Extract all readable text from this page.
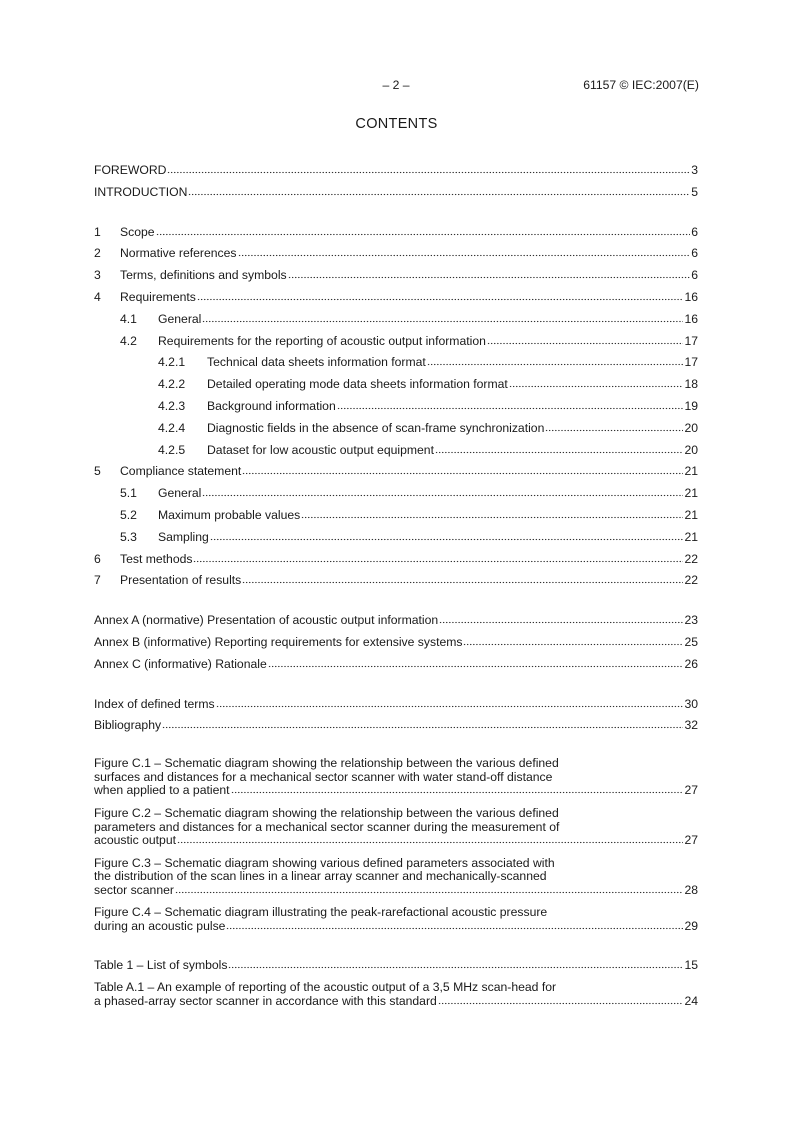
– 2 –	61157 © IEC:2007(E)
CONTENTS
FOREWORD	3
INTRODUCTION	5
1	Scope	6
2	Normative references	6
3	Terms, definitions and symbols	6
4	Requirements	16
4.1	General	16
4.2	Requirements for the reporting of acoustic output information	17
4.2.1	Technical data sheets information format	17
4.2.2	Detailed operating mode data sheets information format	18
4.2.3	Background information	19
4.2.4	Diagnostic fields in the absence of scan-frame synchronization	20
4.2.5	Dataset for low acoustic output equipment	20
5	Compliance statement	21
5.1	General	21
5.2	Maximum probable values	21
5.3	Sampling	21
6	Test methods	22
7	Presentation of results	22
Annex A (normative) Presentation of acoustic output information	23
Annex B (informative) Reporting requirements for extensive systems	25
Annex C (informative) Rationale	26
Index of defined terms	30
Bibliography	32
Figure C.1 – Schematic diagram showing the relationship between the various defined
surfaces and distances for a mechanical sector scanner with water stand-off distance
when applied to a patient	27
Figure C.2 – Schematic diagram showing the relationship between the various defined
parameters and distances for a mechanical sector scanner during the measurement of
acoustic output	27
Figure C.3 – Schematic diagram showing various defined parameters associated with
the distribution of the scan lines in a linear array scanner and mechanically-scanned
sector scanner	28
Figure C.4 – Schematic diagram illustrating the peak-rarefactional acoustic pressure
during an acoustic pulse	29
Table 1 – List of symbols	15
Table A.1 – An example of reporting of the acoustic output of a 3,5 MHz scan-head for
a phased-array sector scanner in accordance with this standard	24
